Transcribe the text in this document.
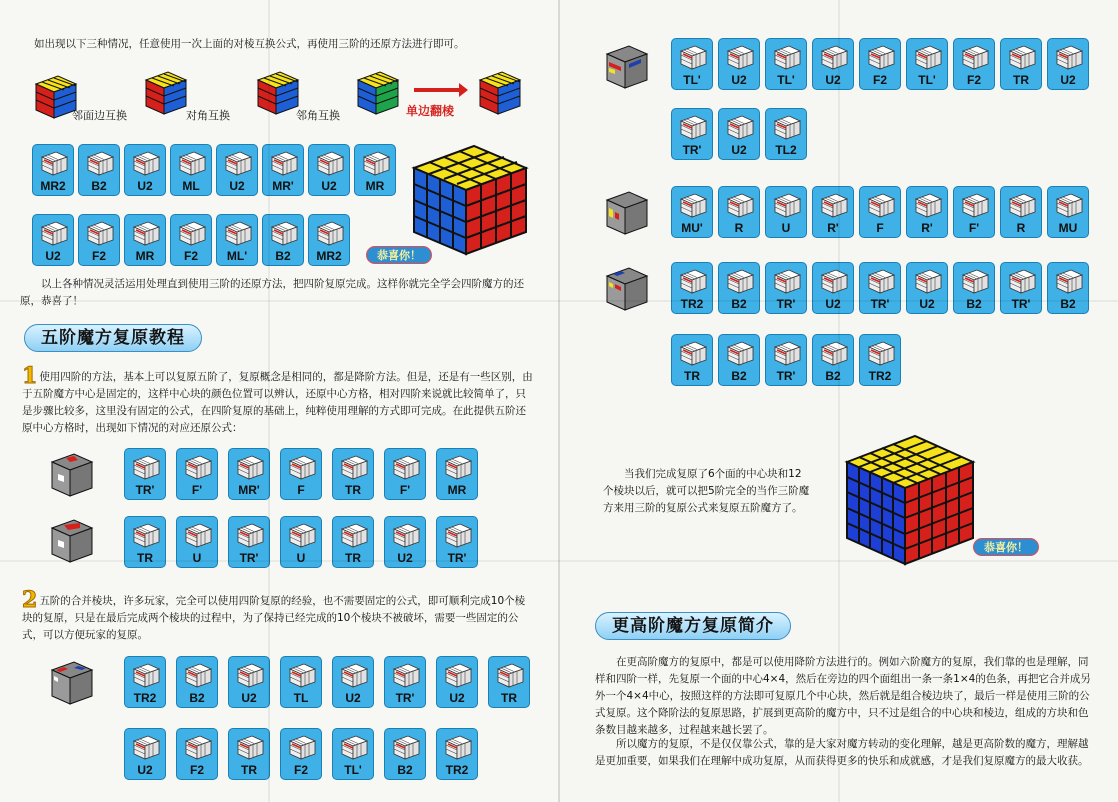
如出现以下三种情况，任意使用一次上面的对棱互换公式，再使用三阶的还原方法进行即可。
邻面边互换	对角互换	邻角互换	单边翻棱
MR2	B2	U2	ML	U2	MR'	U2	MR
U2	F2	MR	F2	ML'	B2	MR2	恭喜你！
以上各种情况灵活运用处理直到使用三阶的还原方法，把四阶复原完成。这样你就完全学会四阶魔方的还原，恭喜了！
五阶魔方复原教程
1 使用四阶的方法，基本上可以复原五阶了，复原概念是相同的，都是降阶方法。但是，还是有一些区别，由于五阶魔方中心是固定的，这样中心块的颜色位置可以辨认，还原中心方格，相对四阶来说就比较简单了，只是步骤比较多，这里没有固定的公式，在四阶复原的基础上，纯粹使用理解的方式即可完成。在此提供五阶还原中心方格时，出现如下情况的对应还原公式：
TR'	F'	MR'	F	TR	F'	MR
TR	U	TR'	U	TR	U2	TR'
2 五阶的合并棱块，许多玩家，完全可以使用四阶复原的经验，也不需要固定的公式，即可顺利完成10个棱块的复原，只是在最后完成两个棱块的过程中，为了保持已经完成的10个棱块不被破坏，需要一些固定的公式，可以方便玩家的复原。
TR2	B2	U2	TL	U2	TR'	U2	TR
U2	F2	TR	F2	TL'	B2	TR2
TL'	U2	TL'	U2	F2	TL'	F2	TR	U2
TR'	U2	TL2
MU'	R	U	R'	F	R'	F'	R	MU
TR2	B2	TR'	U2	TR'	U2	B2	TR'	B2
TR	B2	TR'	B2	TR2
当我们完成复原了6个面的中心块和12个棱块以后，就可以把5阶完全的当作三阶魔方来用三阶的复原公式来复原五阶魔方了。
恭喜你！
更高阶魔方复原简介
在更高阶魔方的复原中，都是可以使用降阶方法进行的。例如六阶魔方的复原，我们靠的也是理解，同样和四阶一样，先复原一个面的中心4×4，然后在旁边的四个面组出一条一条1×4的色条，再把它合并成另外一个4×4中心，按照这样的方法即可复原几个中心块，然后就是组合棱边块了，最后一样是使用三阶的公式复原。这个降阶法的复原思路，扩展到更高阶的魔方中，只不过是组合的中心块和棱边，组成的方块和色条数目越来越多，过程越来越长罢了。
所以魔方的复原，不是仅仅靠公式，靠的是大家对魔方转动的变化理解，越是更高阶数的魔方，理解越是更加重要，如果我们在理解中成功复原，从而获得更多的快乐和成就感，才是我们复原魔方的最大收获。
